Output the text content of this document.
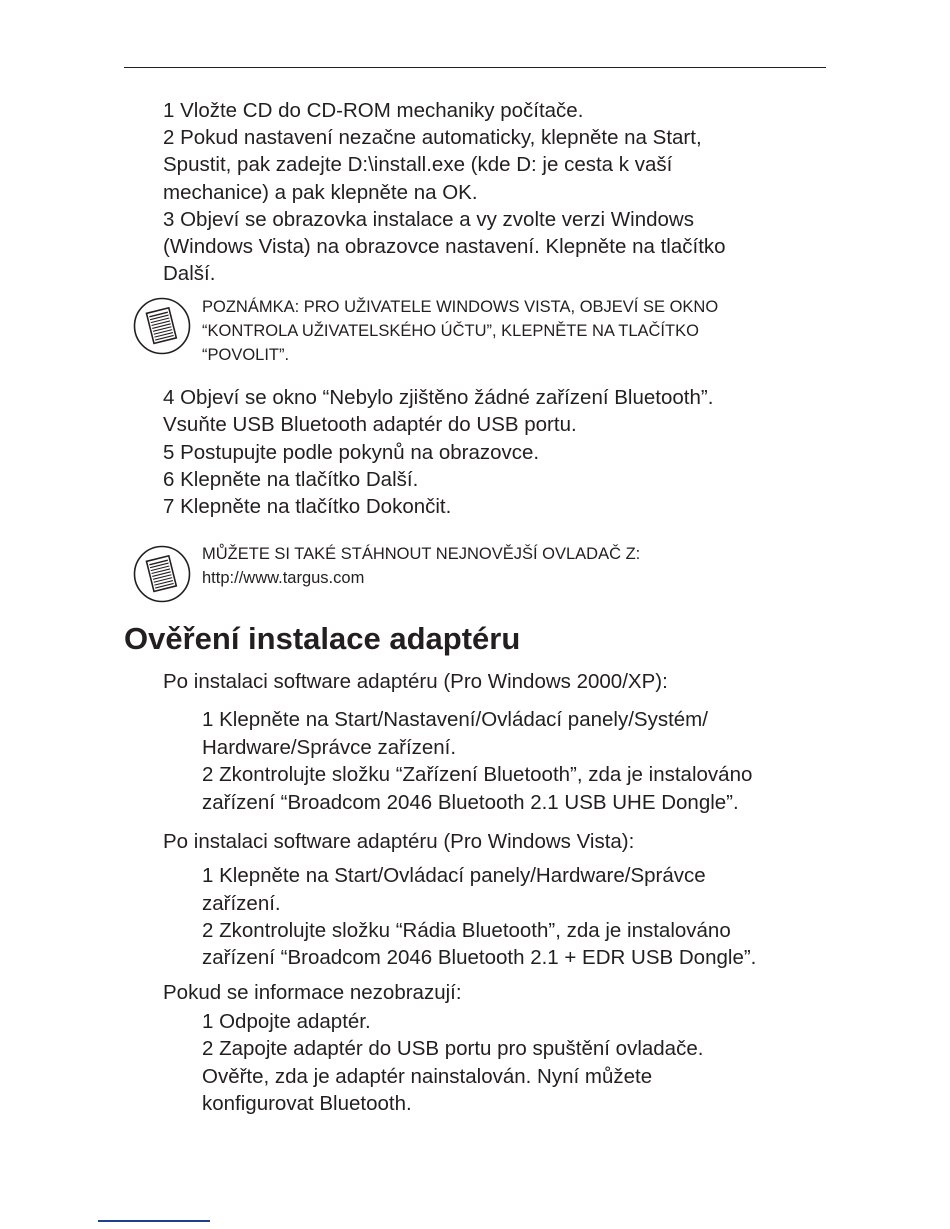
1 Vložte CD do CD-ROM mechaniky počítače.
2 Pokud nastavení nezačne automaticky, klepněte na Start,
Spustit, pak zadejte D:\install.exe (kde D: je cesta k vaší
mechanice) a pak klepněte na OK.
3 Objeví se obrazovka instalace a vy zvolte verzi Windows
(Windows Vista) na obrazovce nastavení. Klepněte na tlačítko
Další.
POZNÁMKA: PRO UŽIVATELE WINDOWS VISTA, OBJEVÍ SE OKNO
“KONTROLA UŽIVATELSKÉHO ÚČTU”, KLEPNĚTE NA TLAČÍTKO
“POVOLIT”.
4 Objeví se okno “Nebylo zjištěno žádné zařízení Bluetooth”.
Vsuňte USB Bluetooth adaptér do USB portu.
5 Postupujte podle pokynů na obrazovce.
6 Klepněte na tlačítko Další.
7 Klepněte na tlačítko Dokončit.
MŮŽETE SI TAKÉ STÁHNOUT NEJNOVĚJŠÍ OVLADAČ Z:
http://www.targus.com
Ověření instalace adaptéru
Po instalaci software adaptéru (Pro Windows 2000/XP):
1 Klepněte na Start/Nastavení/Ovládací panely/Systém/
Hardware/Správce zařízení.
2 Zkontrolujte složku “Zařízení Bluetooth”, zda je instalováno
zařízení “Broadcom 2046 Bluetooth 2.1 USB UHE Dongle”.
Po instalaci software adaptéru (Pro Windows Vista):
1 Klepněte na Start/Ovládací panely/Hardware/Správce
zařízení.
2 Zkontrolujte složku “Rádia Bluetooth”, zda je instalováno
zařízení “Broadcom 2046 Bluetooth 2.1 + EDR USB Dongle”.
Pokud se informace nezobrazují:
1 Odpojte adaptér.
2 Zapojte adaptér do USB portu pro spuštění ovladače.
Ověřte, zda je adaptér nainstalován. Nyní můžete
konfigurovat Bluetooth.
